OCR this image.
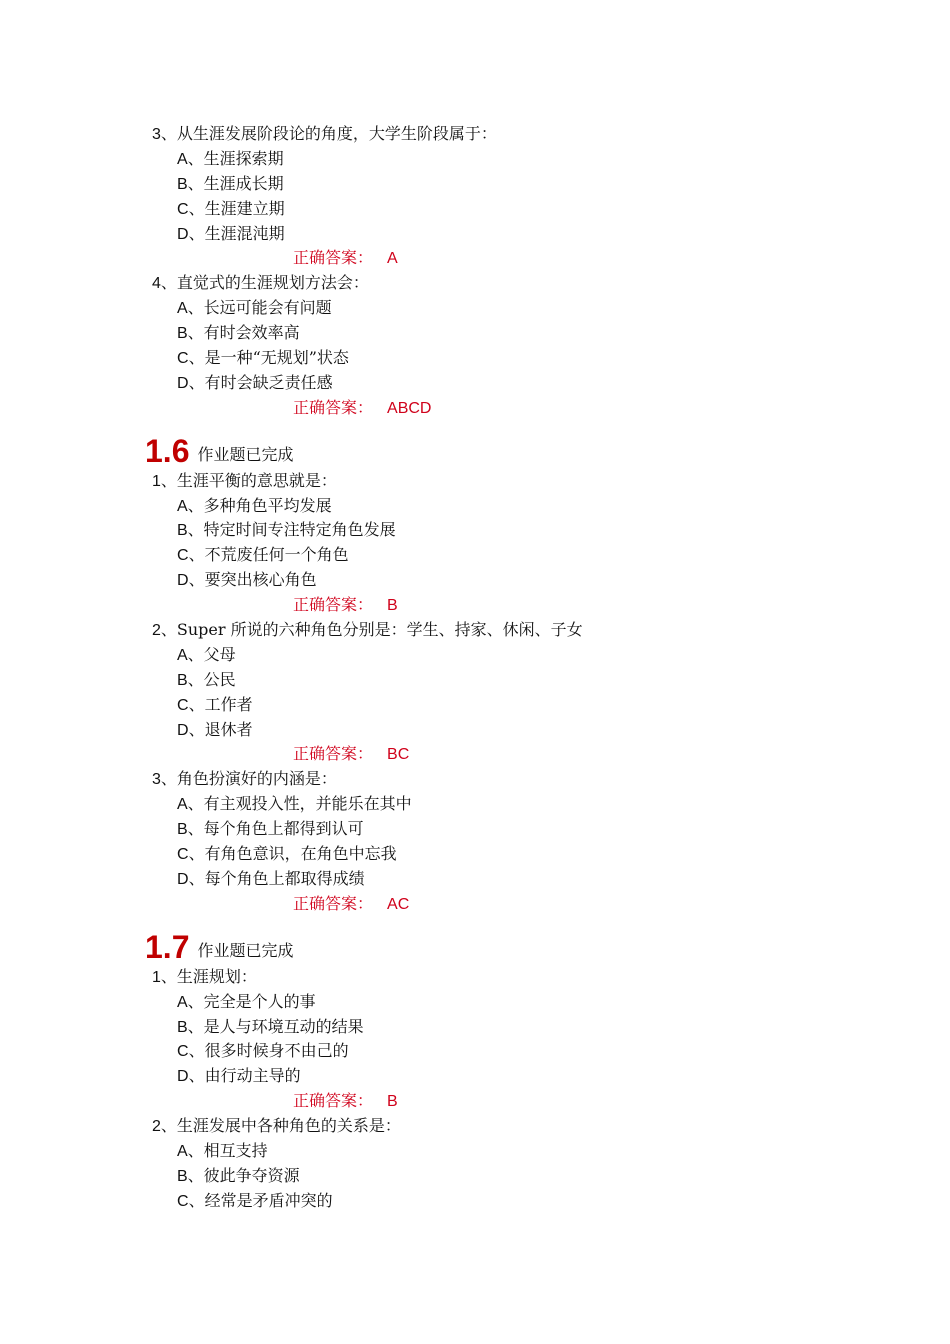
3、从生涯发展阶段论的角度，大学生阶段属于：
A、生涯探索期
B、生涯成长期
C、生涯建立期
D、生涯混沌期
正确答案： A
4、直觉式的生涯规划方法会：
A、长远可能会有问题
B、有时会效率高
C、是一种“无规划”状态
D、有时会缺乏责任感
正确答案： ABCD
1.6 作业题已完成
1、生涯平衡的意思就是：
A、多种角色平均发展
B、特定时间专注特定角色发展
C、不荒废任何一个角色
D、要突出核心角色
正确答案： B
2、Super 所说的六种角色分别是：学生、持家、休闲、子女
A、父母
B、公民
C、工作者
D、退休者
正确答案： BC
3、角色扮演好的内涵是：
A、有主观投入性，并能乐在其中
B、每个角色上都得到认可
C、有角色意识，在角色中忘我
D、每个角色上都取得成绩
正确答案： AC
1.7 作业题已完成
1、生涯规划：
A、完全是个人的事
B、是人与环境互动的结果
C、很多时候身不由己的
D、由行动主导的
正确答案： B
2、生涯发展中各种角色的关系是：
A、相互支持
B、彼此争夺资源
C、经常是矛盾冲突的
